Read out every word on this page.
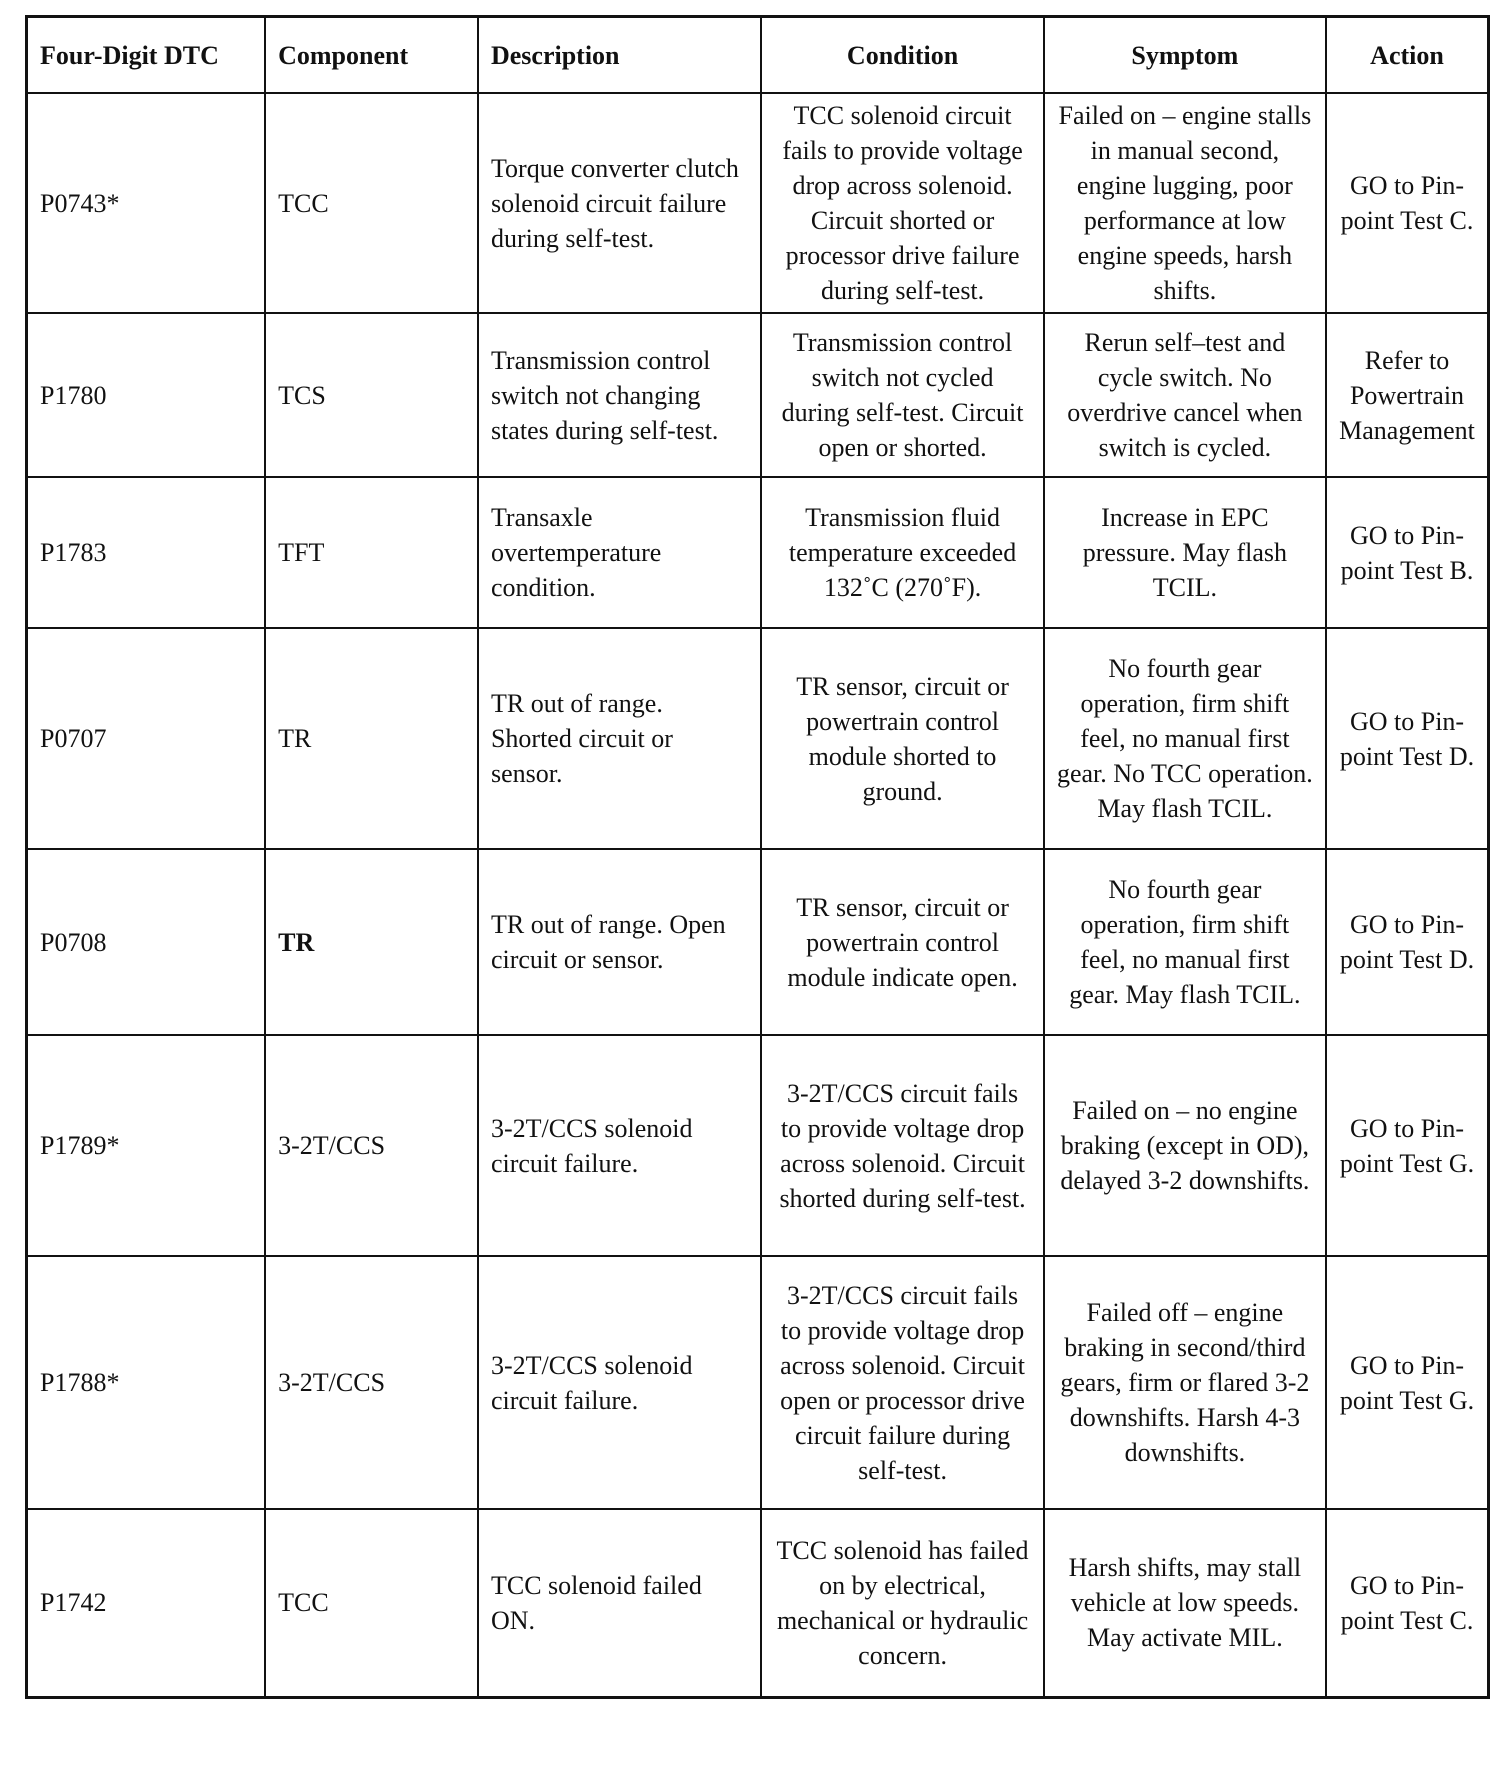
Four-Digit DTC	Component	Description	Condition	Symptom	Action
P0743*	TCC	Torque converter clutch solenoid circuit failure during self-test.	TCC solenoid circuit fails to provide voltage drop across solenoid. Circuit shorted or processor drive failure during self-test.	Failed on – engine stalls in manual second, engine lugging, poor performance at low engine speeds, harsh shifts.	GO to Pin-point Test C.
P1780	TCS	Transmission control switch not changing states during self-test.	Transmission control switch not cycled during self-test. Circuit open or shorted.	Rerun self–test and cycle switch. No overdrive cancel when switch is cycled.	Refer to Powertrain Management
P1783	TFT	Transaxle overtemperature condition.	Transmission fluid temperature exceeded 132˚C (270˚F).	Increase in EPC pressure. May flash TCIL.	GO to Pin-point Test B.
P0707	TR	TR out of range. Shorted circuit or sensor.	TR sensor, circuit or powertrain control module shorted to ground.	No fourth gear operation, firm shift feel, no manual first gear. No TCC operation. May flash TCIL.	GO to Pin-point Test D.
P0708	TR	TR out of range. Open circuit or sensor.	TR sensor, circuit or powertrain control module indicate open.	No fourth gear operation, firm shift feel, no manual first gear. May flash TCIL.	GO to Pin-point Test D.
P1789*	3-2T/CCS	3-2T/CCS solenoid circuit failure.	3-2T/CCS circuit fails to provide voltage drop across solenoid. Circuit shorted during self-test.	Failed on – no engine braking (except in OD), delayed 3-2 downshifts.	GO to Pin-point Test G.
P1788*	3-2T/CCS	3-2T/CCS solenoid circuit failure.	3-2T/CCS circuit fails to provide voltage drop across solenoid. Circuit open or processor drive circuit failure during self-test.	Failed off – engine braking in second/third gears, firm or flared 3-2 downshifts. Harsh 4-3 downshifts.	GO to Pin-point Test G.
P1742	TCC	TCC solenoid failed ON.	TCC solenoid has failed on by electrical, mechanical or hydraulic concern.	Harsh shifts, may stall vehicle at low speeds. May activate MIL.	GO to Pin-point Test C.
